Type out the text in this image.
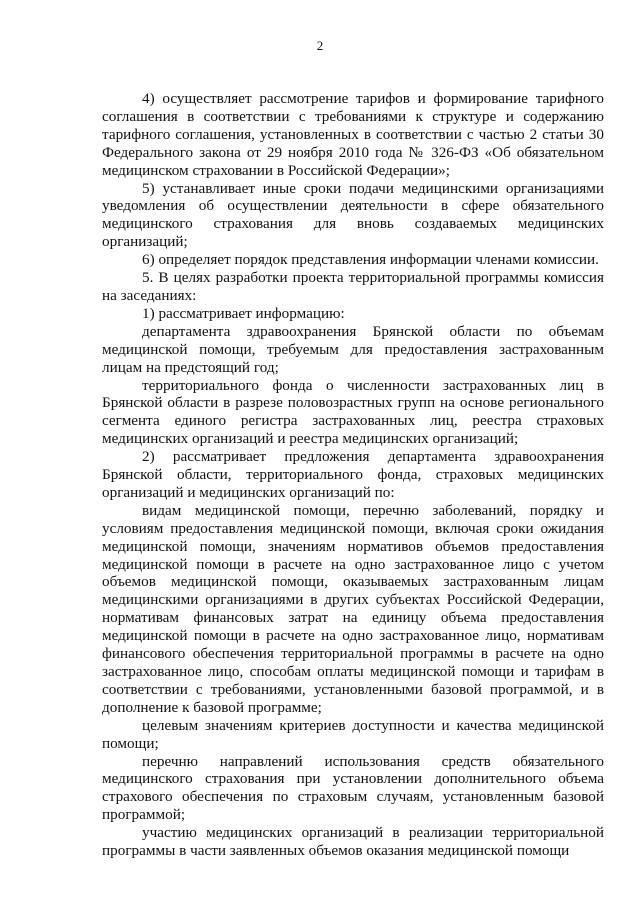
2

4) осуществляет рассмотрение тарифов и формирование тарифного соглашения в соответствии с требованиями к структуре и содержанию тарифного соглашения, установленных в соответствии с частью 2 статьи 30 Федерального закона от 29 ноября 2010 года № 326-ФЗ «Об обязательном медицинском страховании в Российской Федерации»;

5) устанавливает иные сроки подачи медицинскими организациями уведомления об осуществлении деятельности в сфере обязательного медицинского страхования для вновь создаваемых медицинских организаций;

6) определяет порядок представления информации членами комиссии.

5. В целях разработки проекта территориальной программы комиссия на заседаниях:

1) рассматривает информацию:

департамента здравоохранения Брянской области по объемам медицинской помощи, требуемым для предоставления застрахованным лицам на предстоящий год;

территориального фонда о численности застрахованных лиц в Брянской области в разрезе половозрастных групп на основе регионального сегмента единого регистра застрахованных лиц, реестра страховых медицинских организаций и реестра медицинских организаций;

2) рассматривает предложения департамента здравоохранения Брянской области, территориального фонда, страховых медицинских организаций и медицинских организаций по:

видам медицинской помощи, перечню заболеваний, порядку и условиям предоставления медицинской помощи, включая сроки ожидания медицинской помощи, значениям нормативов объемов предоставления медицинской помощи в расчете на одно застрахованное лицо с учетом объемов медицинской помощи, оказываемых застрахованным лицам медицинскими организациями в других субъектах Российской Федерации, нормативам финансовых затрат на единицу объема предоставления медицинской помощи в расчете на одно застрахованное лицо, нормативам финансового обеспечения территориальной программы в расчете на одно застрахованное лицо, способам оплаты медицинской помощи и тарифам в соответствии с требованиями, установленными базовой программой, и в дополнение к базовой программе;

целевым значениям критериев доступности и качества медицинской помощи;

перечню направлений использования средств обязательного медицинского страхования при установлении дополнительного объема страхового обеспечения по страховым случаям, установленным базовой программой;

участию медицинских организаций в реализации территориальной программы в части заявленных объемов оказания медицинской помощи
